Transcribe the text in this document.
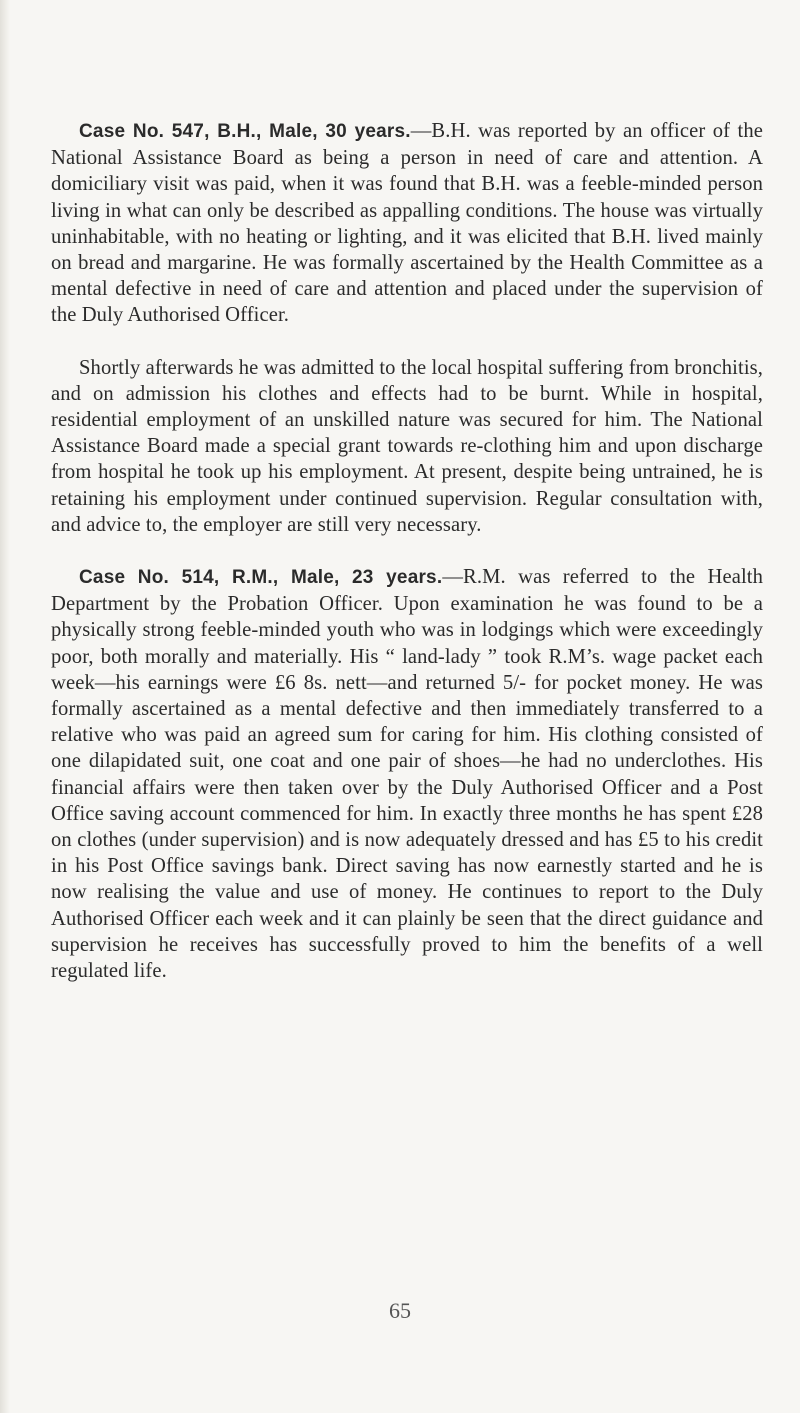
Case No. 547, B.H., Male, 30 years.—B.H. was reported by an officer of the National Assistance Board as being a person in need of care and attention. A domiciliary visit was paid, when it was found that B.H. was a feeble-minded person living in what can only be described as appalling conditions. The house was virtually uninhabitable, with no heating or lighting, and it was elicited that B.H. lived mainly on bread and margarine. He was formally ascertained by the Health Committee as a mental defective in need of care and attention and placed under the supervision of the Duly Authorised Officer.

Shortly afterwards he was admitted to the local hospital suffering from bronchitis, and on admission his clothes and effects had to be burnt. While in hospital, residential employment of an unskilled nature was secured for him. The National Assistance Board made a special grant towards re-clothing him and upon discharge from hospital he took up his employment. At present, despite being untrained, he is retaining his employment under continued supervision. Regular consultation with, and advice to, the employer are still very necessary.

Case No. 514, R.M., Male, 23 years.—R.M. was referred to the Health Department by the Probation Officer. Upon examination he was found to be a physically strong feeble-minded youth who was in lodgings which were exceedingly poor, both morally and materially. His “ land-lady ” took R.M’s. wage packet each week—his earnings were £6 8s. nett—and returned 5/- for pocket money. He was formally ascertained as a mental defective and then immediately transferred to a relative who was paid an agreed sum for caring for him. His clothing consisted of one dilapidated suit, one coat and one pair of shoes—he had no underclothes. His financial affairs were then taken over by the Duly Authorised Officer and a Post Office saving account commenced for him. In exactly three months he has spent £28 on clothes (under supervision) and is now adequately dressed and has £5 to his credit in his Post Office savings bank. Direct saving has now earnestly started and he is now realising the value and use of money. He continues to report to the Duly Authorised Officer each week and it can plainly be seen that the direct guidance and supervision he receives has successfully proved to him the benefits of a well regulated life.

65
